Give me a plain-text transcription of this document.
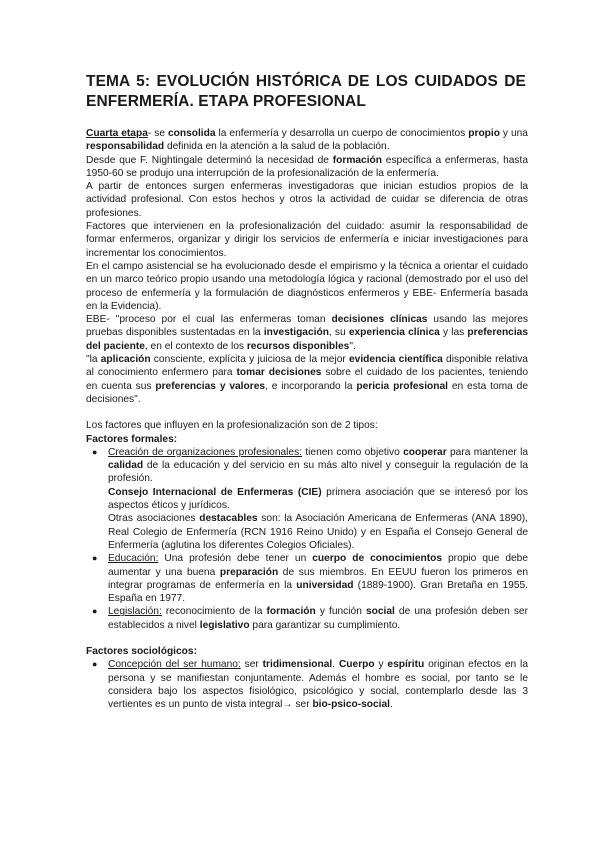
TEMA 5: EVOLUCIÓN HISTÓRICA DE LOS CUIDADOS DE ENFERMERÍA. ETAPA PROFESIONAL

Cuarta etapa- se consolida la enfermería y desarrolla un cuerpo de conocimientos propio y una responsabilidad definida en la atención a la salud de la población.

Desde que F. Nightingale determinó la necesidad de formación específica a enfermeras, hasta 1950-60 se produjo una interrupción de la profesionalización de la enfermería.

A partir de entonces surgen enfermeras investigadoras que inician estudios propios de la actividad profesional. Con estos hechos y otros la actividad de cuidar se diferencia de otras profesiones.

Factores que intervienen en la profesionalización del cuidado: asumir la responsabilidad de formar enfermeros, organizar y dirigir los servicios de enfermería e iniciar investigaciones para incrementar los conocimientos.

En el campo asistencial se ha evolucionado desde el empirismo y la técnica a orientar el cuidado en un marco teórico propio usando una metodología lógica y racional (demostrado por el uso del proceso de enfermería y la formulación de diagnósticos enfermeros y EBE- Enfermería basada en la Evidencia).

EBE- "proceso por el cual las enfermeras toman decisiones clínicas usando las mejores pruebas disponibles sustentadas en la investigación, su experiencia clínica y las preferencias del paciente, en el contexto de los recursos disponibles".

"la aplicación consciente, explícita y juiciosa de la mejor evidencia científica disponible relativa al conocimiento enfermero para tomar decisiones sobre el cuidado de los pacientes, teniendo en cuenta sus preferencias y valores, e incorporando la pericia profesional en esta toma de decisiones".

Los factores que influyen en la profesionalización son de 2 tipos:

Factores formales:

● Creación de organizaciones profesionales: tienen como objetivo cooperar para mantener la calidad de la educación y del servicio en su más alto nivel y conseguir la regulación de la profesión.

Consejo Internacional de Enfermeras (CIE) primera asociación que se interesó por los aspectos éticos y jurídicos.

Otras asociaciones destacables son: la Asociación Americana de Enfermeras (ANA 1890), Real Colegio de Enfermería (RCN 1916 Reino Unido) y en España el Consejo General de Enfermería (aglutina los diferentes Colegios Oficiales).

● Educación: Una profesión debe tener un cuerpo de conocimientos propio que debe aumentar y una buena preparación de sus miembros. En EEUU fueron los primeros en integrar programas de enfermería en la universidad (1889-1900). Gran Bretaña en 1955. España en 1977.

● Legislación: reconocimiento de la formación y función social de una profesión deben ser establecidos a nivel legislativo para garantizar su cumplimiento.

Factores sociológicos:

● Concepción del ser humano: ser tridimensional. Cuerpo y espíritu originan efectos en la persona y se manifiestan conjuntamente. Además el hombre es social, por tanto se le considera bajo los aspectos fisiológico, psicológico y social, contemplarlo desde las 3 vertientes es un punto de vista integral→ ser bio-psico-social.
